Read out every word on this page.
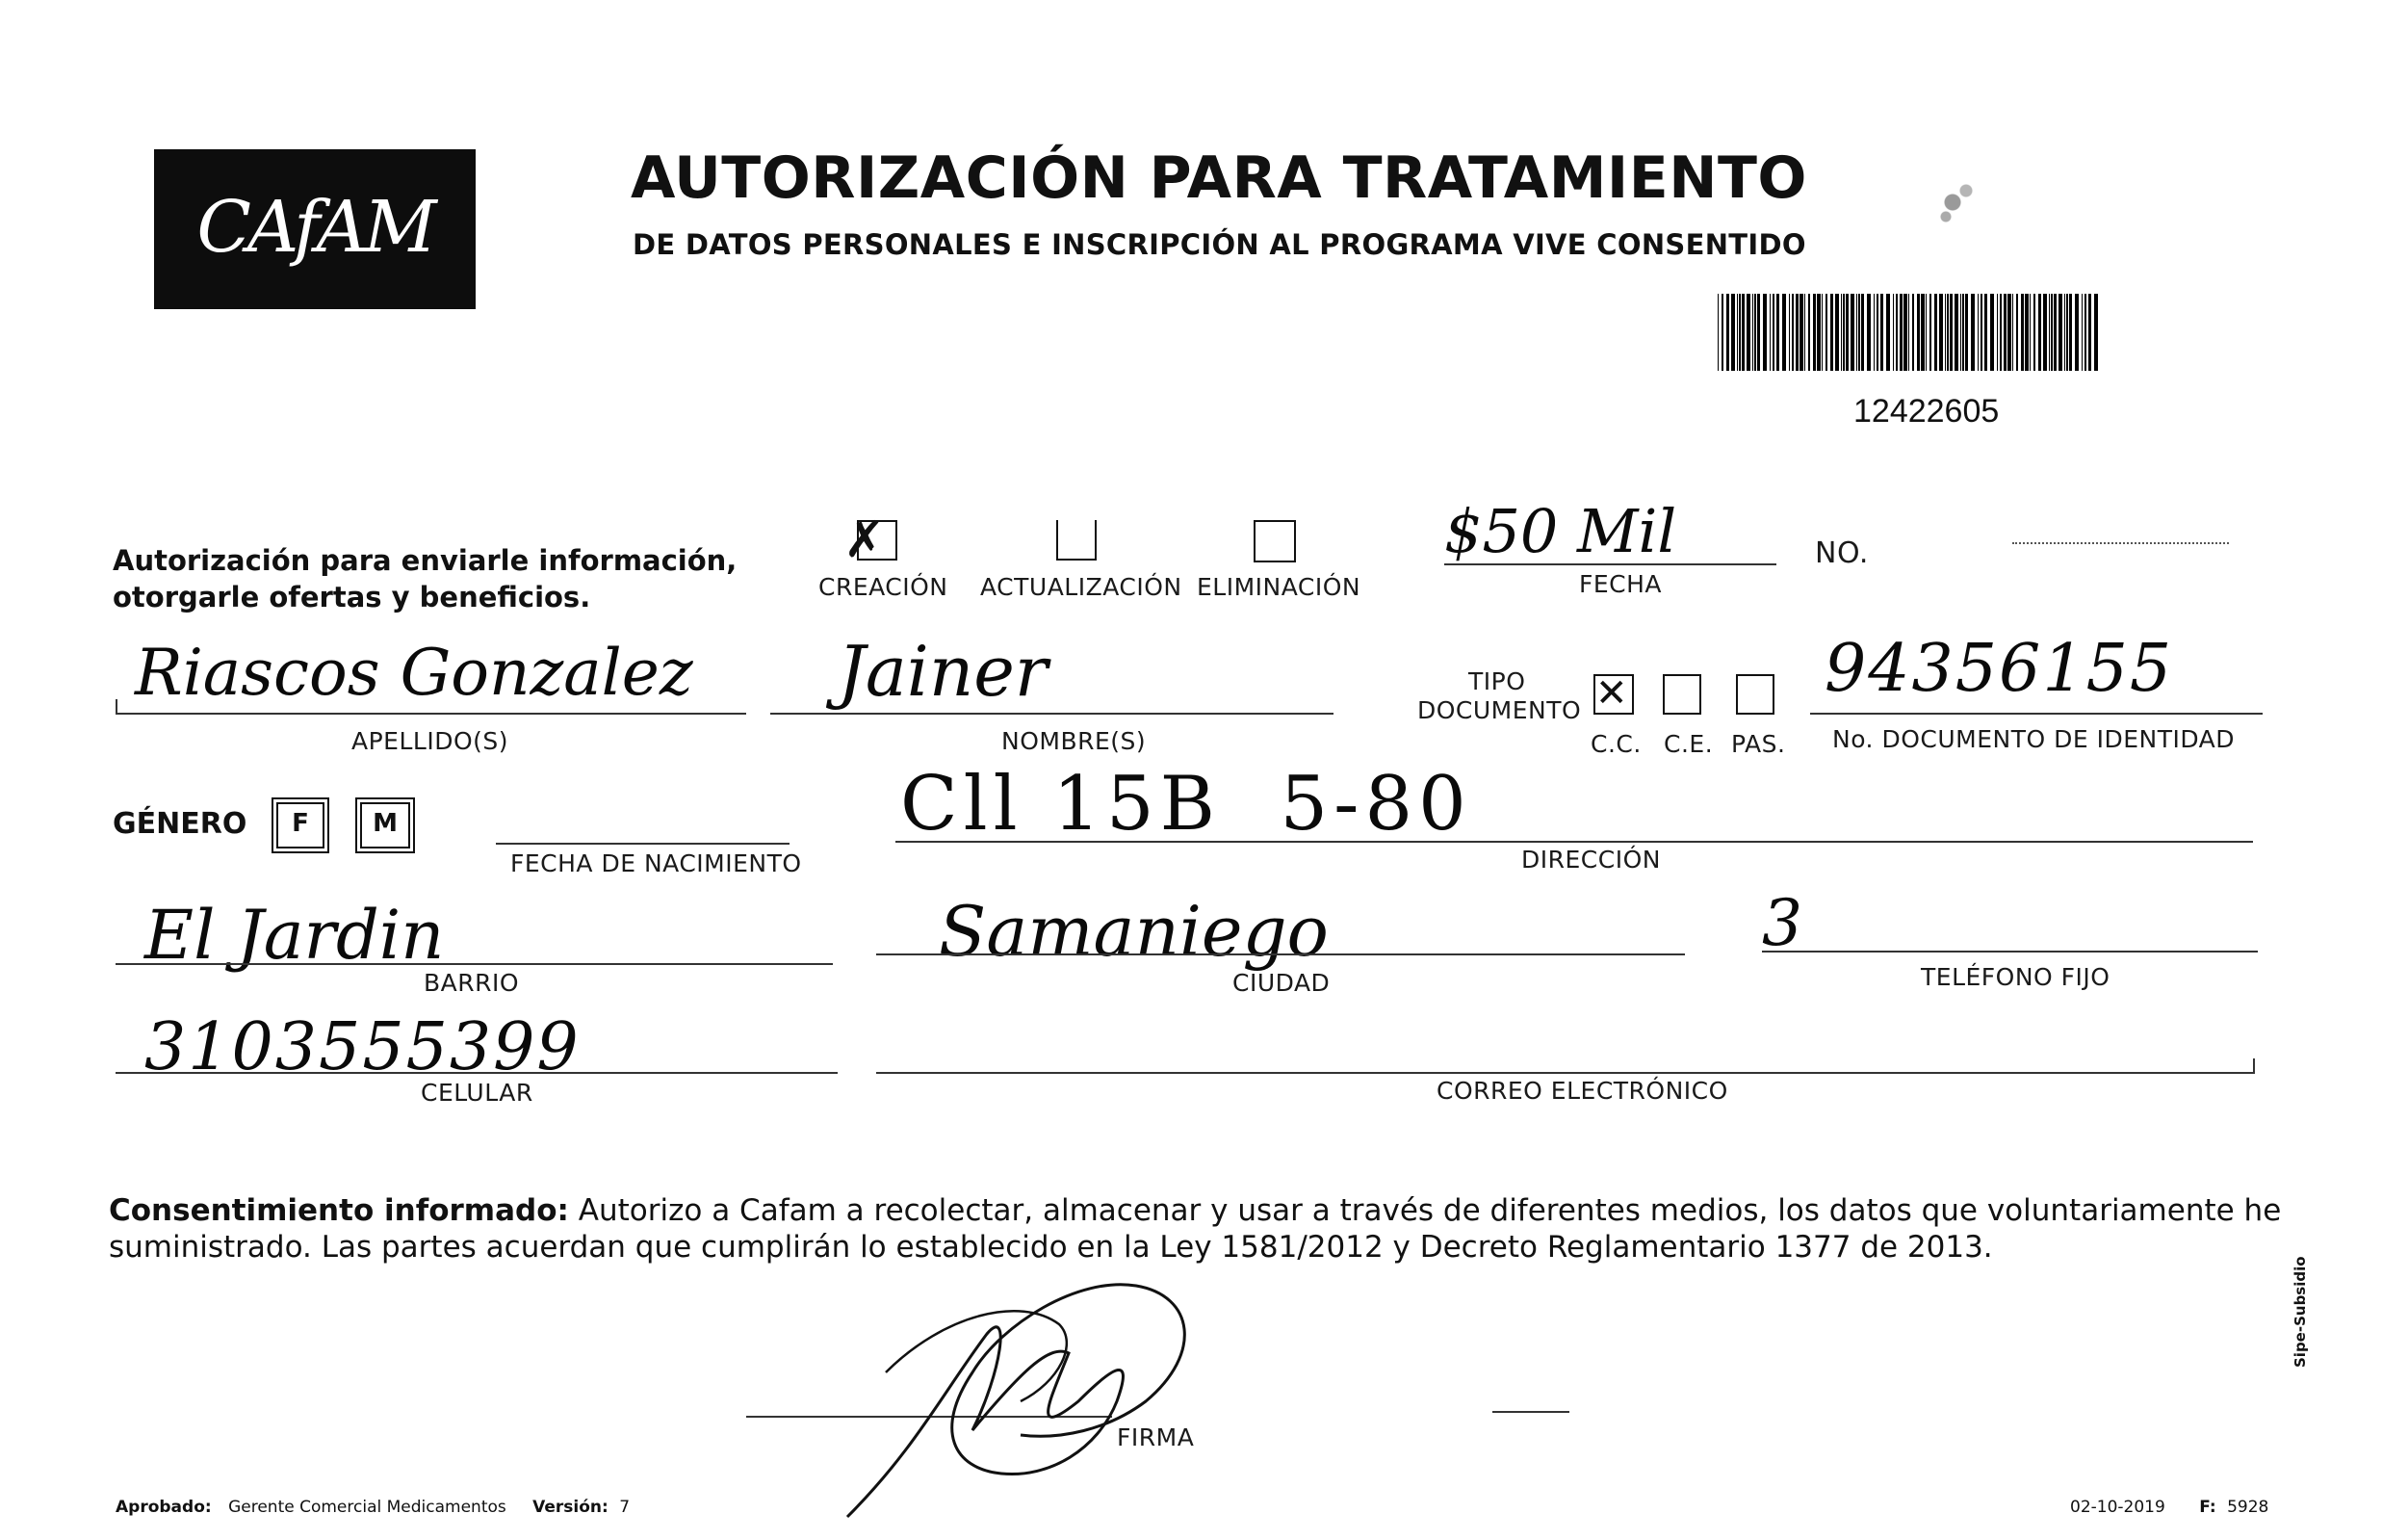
CAfAM
AUTORIZACIÓN PARA TRATAMIENTO
DE DATOS PERSONALES E INSCRIPCIÓN AL PROGRAMA VIVE CONSENTIDO
12422605
Autorización para enviarle información,
otorgarle ofertas y beneficios.
✗
CREACIÓN ACTUALIZACIÓN ELIMINACIÓN
$50 Mil
FECHA
NO.
Riascos Gonzalez
APELLIDO(S)
Jainer
NOMBRE(S)
TIPO
DOCUMENTO ✕
C.C. C.E. PAS.
94356155
No. DOCUMENTO DE IDENTIDAD
GÉNERO	F	M
FECHA DE NACIMIENTO
Cll 15B  5-80
DIRECCIÓN
El Jardin
BARRIO
Samaniego
CIUDAD
3
TELÉFONO FIJO
3103555399
CELULAR	CORREO ELECTRÓNICO
Consentimiento informado: Autorizo a Cafam a recolectar, almacenar y usar a través de diferentes medios, los datos que voluntariamente he
suministrado. Las partes acuerdan que cumplirán lo establecido en la Ley 1581/2012 y Decreto Reglamentario 1377 de 2013.
FIRMA
Aprobado: Gerente Comercial Medicamentos Versión: 7	02-10-2019 F: 5928
Sipe-Subsidio
